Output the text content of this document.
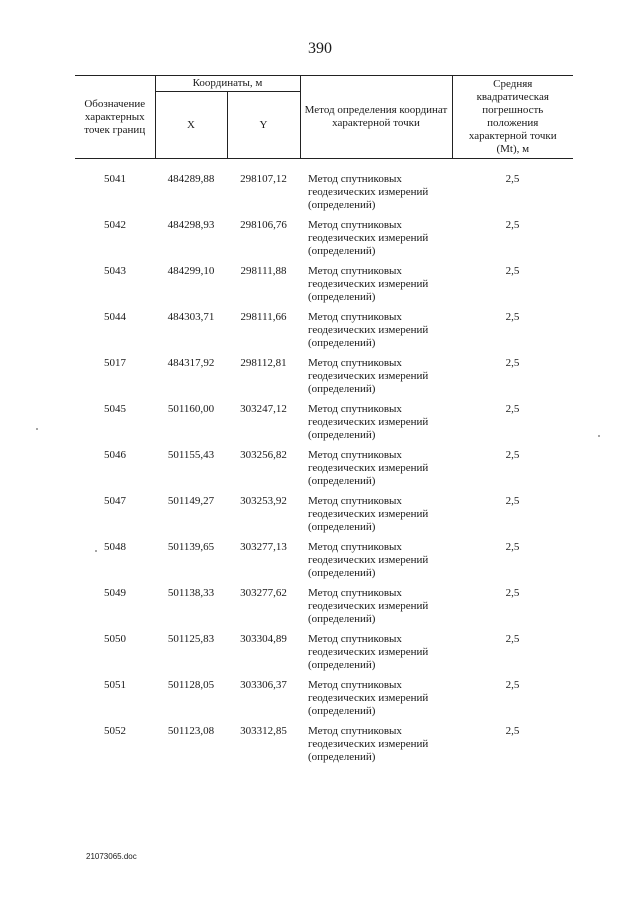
390
Обозначение характерных точек границ	Координаты, м		Метод определения координат характерной точки	Средняя квадратическая погрешность положения характерной точки (Mt), м
	X	Y		
5041	484289,88	298107,12	Метод спутниковых геодезических измерений (определений)	2,5
5042	484298,93	298106,76	Метод спутниковых геодезических измерений (определений)	2,5
5043	484299,10	298111,88	Метод спутниковых геодезических измерений (определений)	2,5
5044	484303,71	298111,66	Метод спутниковых геодезических измерений (определений)	2,5
5017	484317,92	298112,81	Метод спутниковых геодезических измерений (определений)	2,5
5045	501160,00	303247,12	Метод спутниковых геодезических измерений (определений)	2,5
5046	501155,43	303256,82	Метод спутниковых геодезических измерений (определений)	2,5
5047	501149,27	303253,92	Метод спутниковых геодезических измерений (определений)	2,5
5048	501139,65	303277,13	Метод спутниковых геодезических измерений (определений)	2,5
5049	501138,33	303277,62	Метод спутниковых геодезических измерений (определений)	2,5
5050	501125,83	303304,89	Метод спутниковых геодезических измерений (определений)	2,5
5051	501128,05	303306,37	Метод спутниковых геодезических измерений (определений)	2,5
5052	501123,08	303312,85	Метод спутниковых геодезических измерений (определений)	2,5
21073065.doc
